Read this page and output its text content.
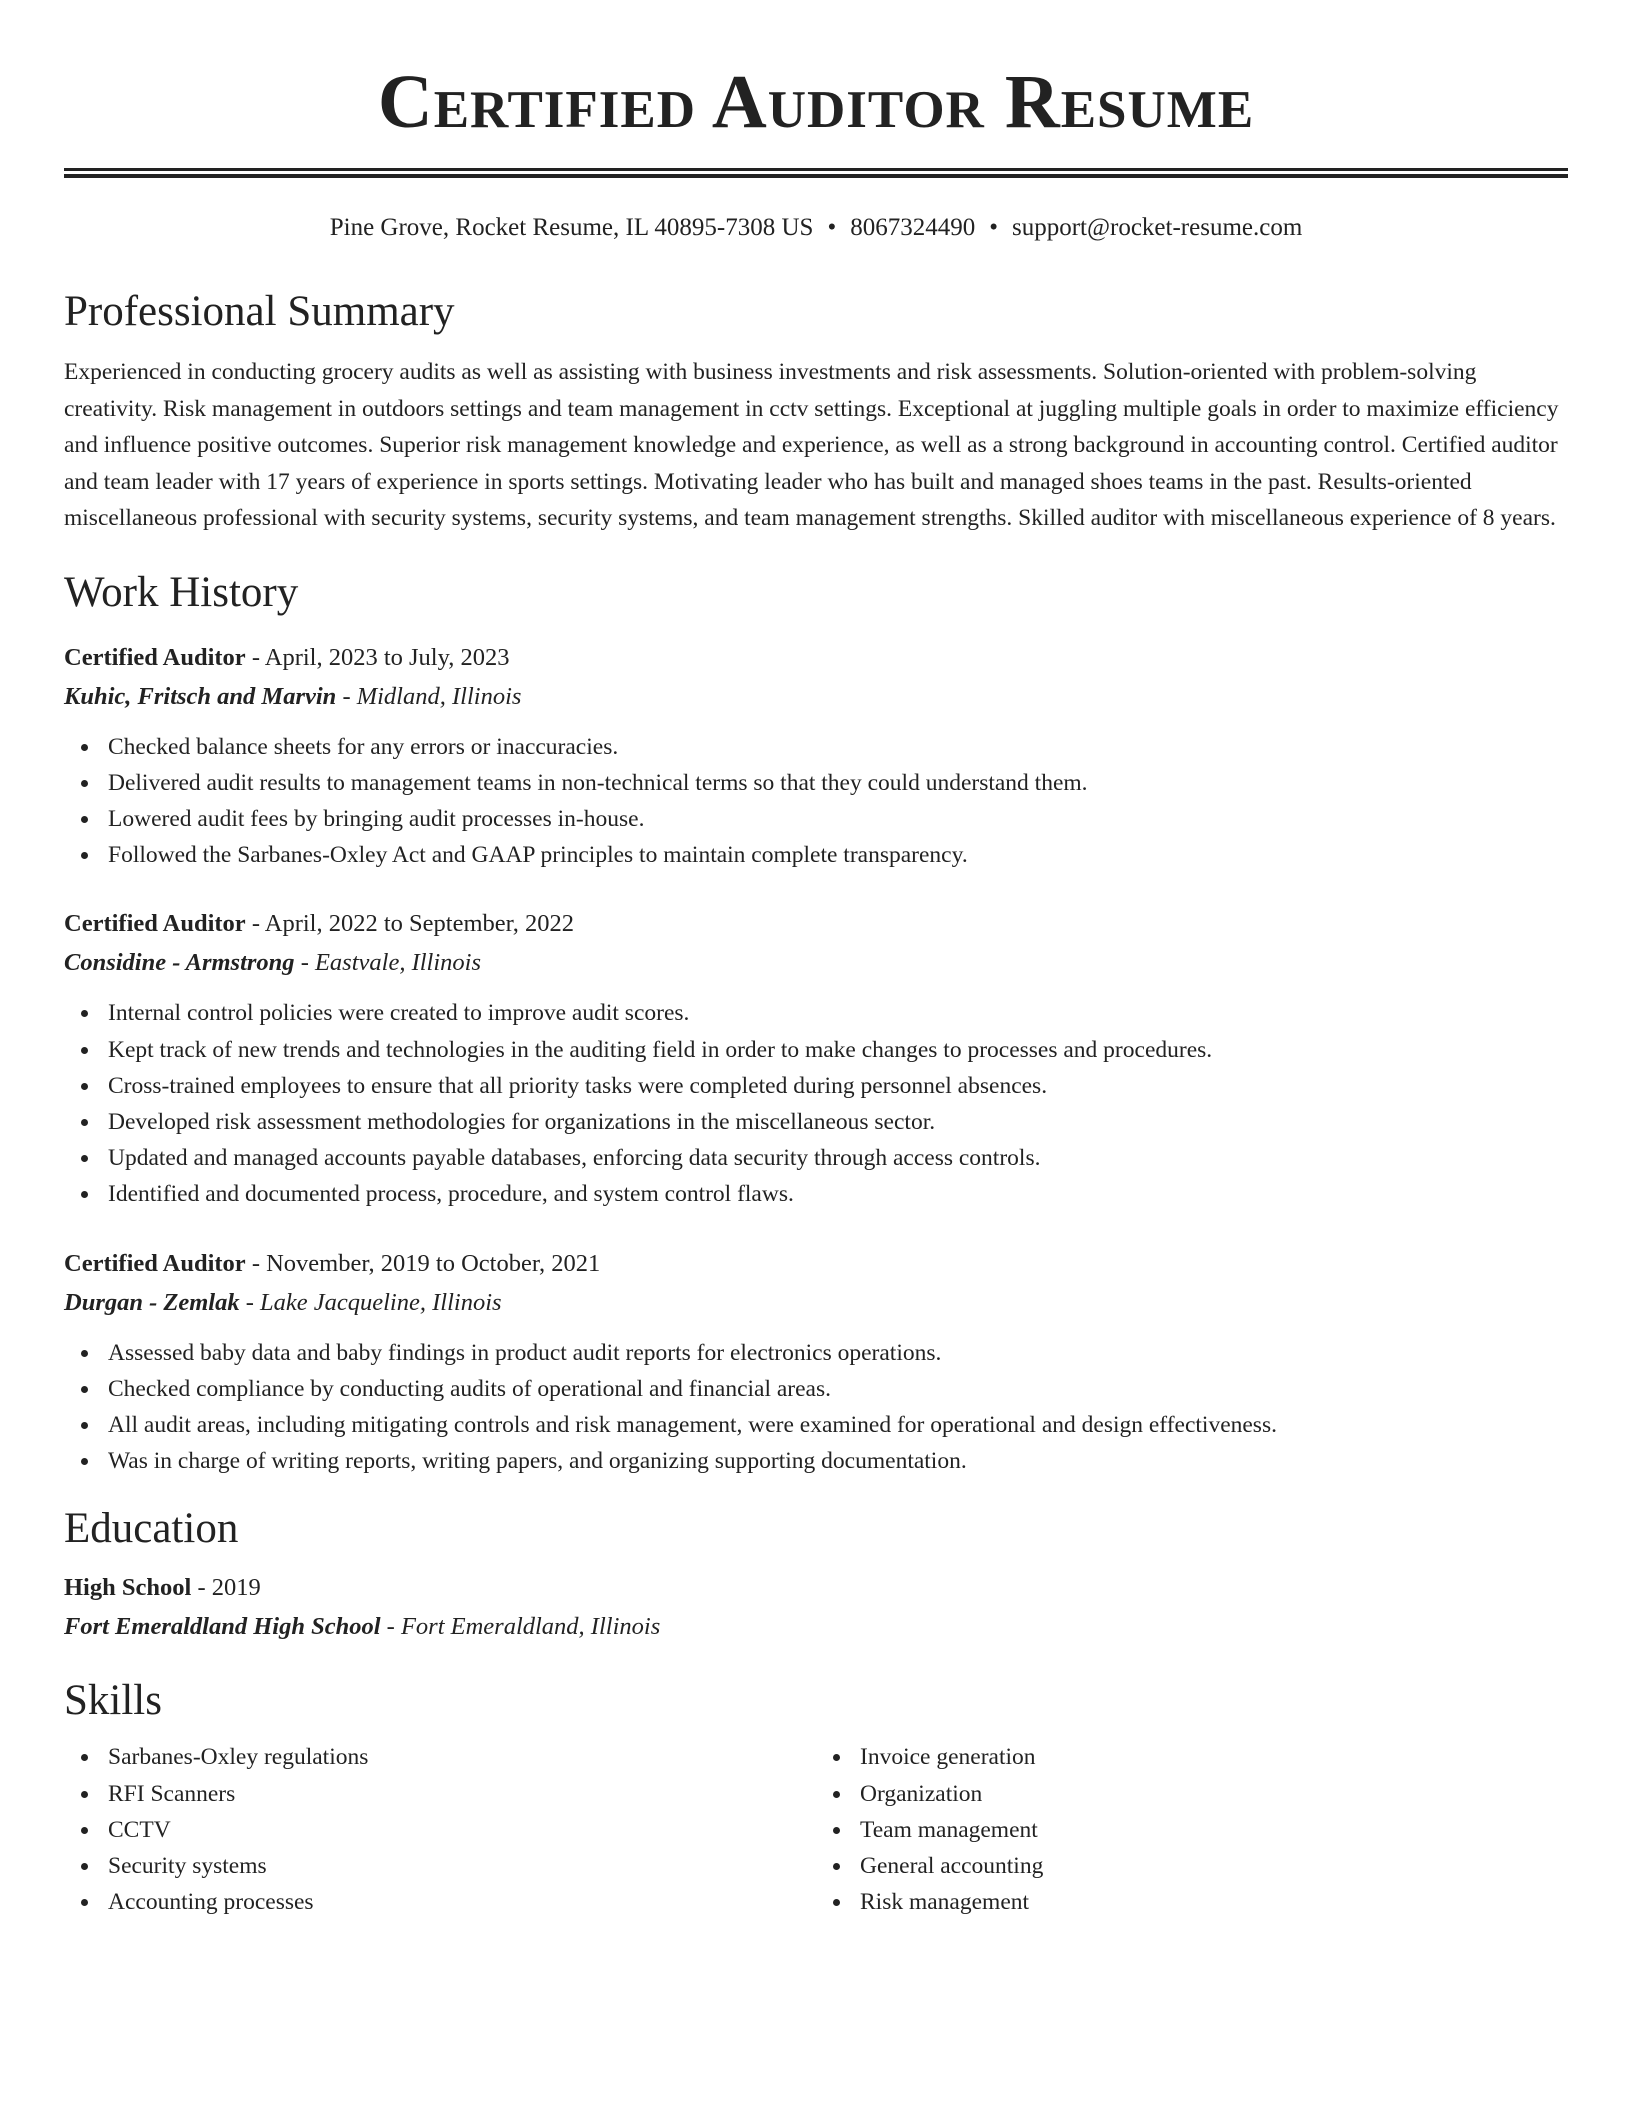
Certified Auditor Resume
Pine Grove, Rocket Resume, IL 40895-7308 US • 8067324490 • support@rocket-resume.com
Professional Summary

Experienced in conducting grocery audits as well as assisting with business investments and risk assessments. Solution-oriented with problem-solving creativity. Risk management in outdoors settings and team management in cctv settings. Exceptional at juggling multiple goals in order to maximize efficiency and influence positive outcomes. Superior risk management knowledge and experience, as well as a strong background in accounting control. Certified auditor and team leader with 17 years of experience in sports settings. Motivating leader who has built and managed shoes teams in the past. Results-oriented miscellaneous professional with security systems, security systems, and team management strengths. Skilled auditor with miscellaneous experience of 8 years.

Work History
Certified Auditor - April, 2023 to July, 2023
Kuhic, Fritsch and Marvin - Midland, Illinois
Checked balance sheets for any errors or inaccuracies.
Delivered audit results to management teams in non-technical terms so that they could understand them.
Lowered audit fees by bringing audit processes in-house.
Followed the Sarbanes-Oxley Act and GAAP principles to maintain complete transparency.
Certified Auditor - April, 2022 to September, 2022
Considine - Armstrong - Eastvale, Illinois
Internal control policies were created to improve audit scores.
Kept track of new trends and technologies in the auditing field in order to make changes to processes and procedures.
Cross-trained employees to ensure that all priority tasks were completed during personnel absences.
Developed risk assessment methodologies for organizations in the miscellaneous sector.
Updated and managed accounts payable databases, enforcing data security through access controls.
Identified and documented process, procedure, and system control flaws.
Certified Auditor - November, 2019 to October, 2021
Durgan - Zemlak - Lake Jacqueline, Illinois
Assessed baby data and baby findings in product audit reports for electronics operations.
Checked compliance by conducting audits of operational and financial areas.
All audit areas, including mitigating controls and risk management, were examined for operational and design effectiveness.
Was in charge of writing reports, writing papers, and organizing supporting documentation.
Education
High School - 2019
Fort Emeraldland High School - Fort Emeraldland, Illinois
Skills
Sarbanes-Oxley regulations
RFI Scanners
CCTV
Security systems
Accounting processes
Invoice generation
Organization
Team management
General accounting
Risk management
